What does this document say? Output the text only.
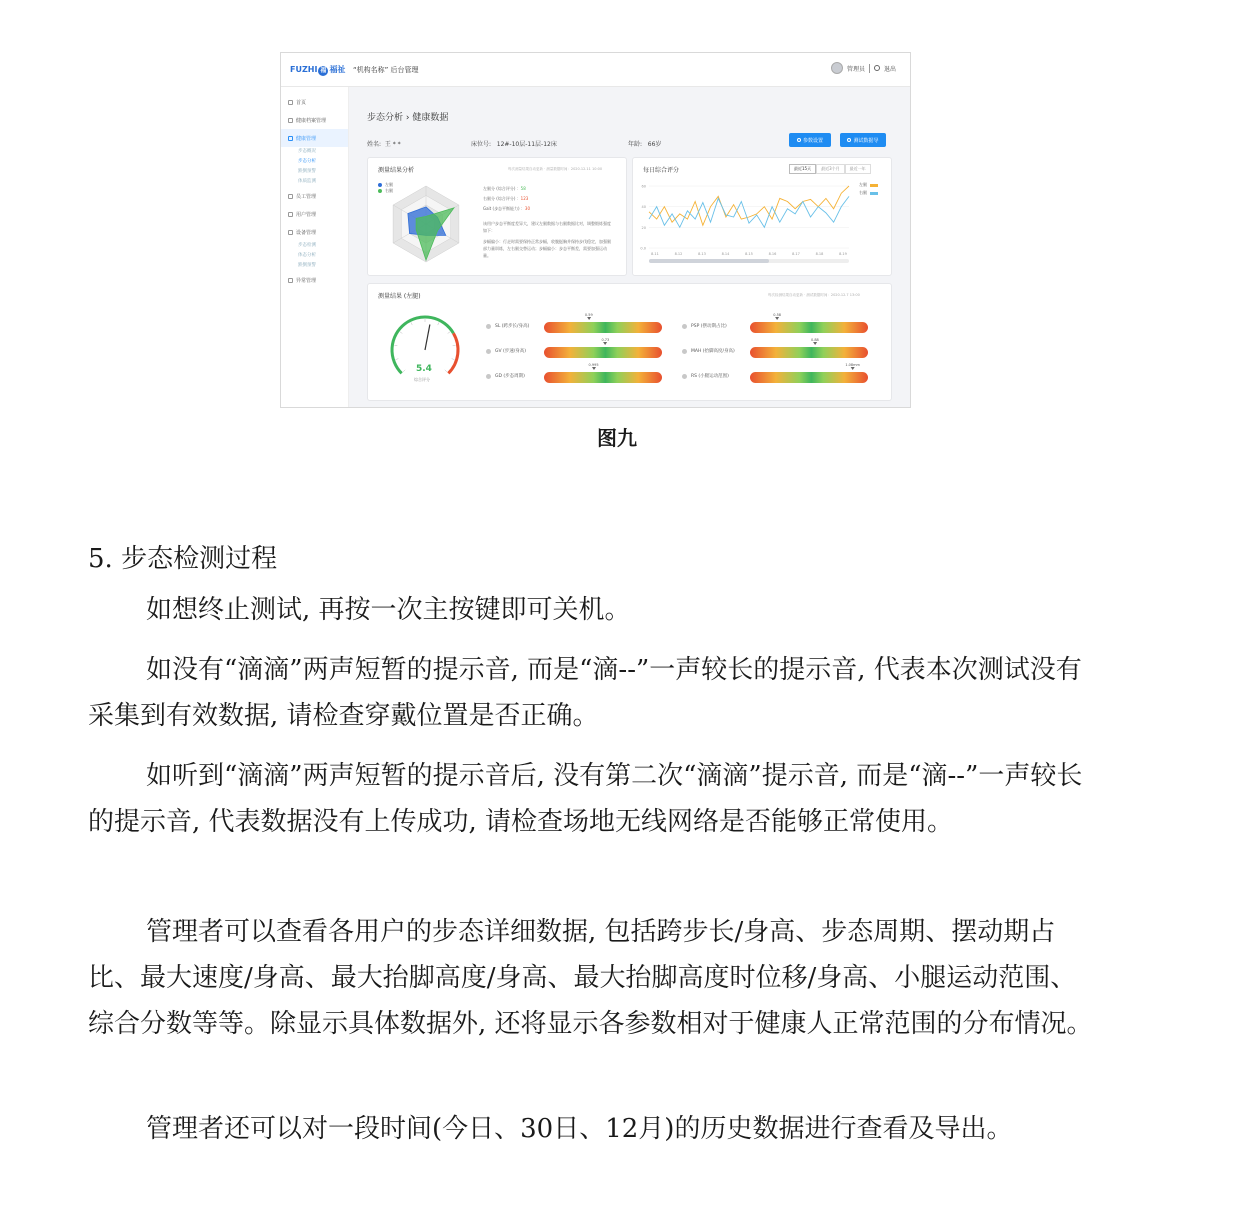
FUZHI 福 福祉 “机构名称” 后台管理	管理员	退出
首页
健康档案管理
健康管理
步态概况
步态分析
跌倒预警
体质监测
员工管理
用户管理
设备管理
步态检测
体态分析
跌倒预警
异常管理
步态分析 › 健康数据
姓名: 王 * *	床位号: 12#-10层-11层-12床	年龄: 66岁
参数设置	测试数据导
测量结果分析	每次测量结果自动更新 · 测量数据时间：2020.12.11 10:00
左腿
右腿	左腿分 (综合评分) ：58
右腿分 (综合评分) ：123
Gait (步态平衡能力) ：30
该用户步态平衡度差异大，建议左腿数据与右腿数据比对，调整锻炼强度如下：
步幅偏小：行走时需要保持正常步幅，收腹挺胸并保持步伐稳定，加强腿部力量训练，左右腿交替运动；步幅偏小：步态平衡差，需要加强运动量。
每日综合评分	最近15天	最近3个月	最近一年
左腿
右腿
0.0
20
40
60
8.11	8.12	8.13	8.14	8.15	8.16	8.17	8.18	8.19
测量结果 (左腿)	每次检测结果自动更新 · 测试数据时间：2020.12.7 13:00
5.4
综合评分
SL (跨步长/身高)
0.59
GV (步速/身高)
0.73
GD (步态周期)
0.995
PSP (摆动期占比)
0.58
MAH (抬脚高度/身高)
0.88
RS (小腿运动范围)
1.08mm
图九
5. 步态检测过程

如想终止测试, 再按一次主按键即可关机。

如没有“滴滴”两声短暂的提示音, 而是“滴--”一声较长的提示音, 代表本次测试没有采集到有效数据, 请检查穿戴位置是否正确。

如听到“滴滴”两声短暂的提示音后, 没有第二次“滴滴”提示音, 而是“滴--”一声较长的提示音, 代表数据没有上传成功, 请检查场地无线网络是否能够正常使用。

管理者可以查看各用户的步态详细数据, 包括跨步长/身高、步态周期、摆动期占比、最大速度/身高、最大抬脚高度/身高、最大抬脚高度时位移/身高、小腿运动范围、综合分数等等。除显示具体数据外, 还将显示各参数相对于健康人正常范围的分布情况。

管理者还可以对一段时间(今日、30日、12月)的历史数据进行查看及导出。
